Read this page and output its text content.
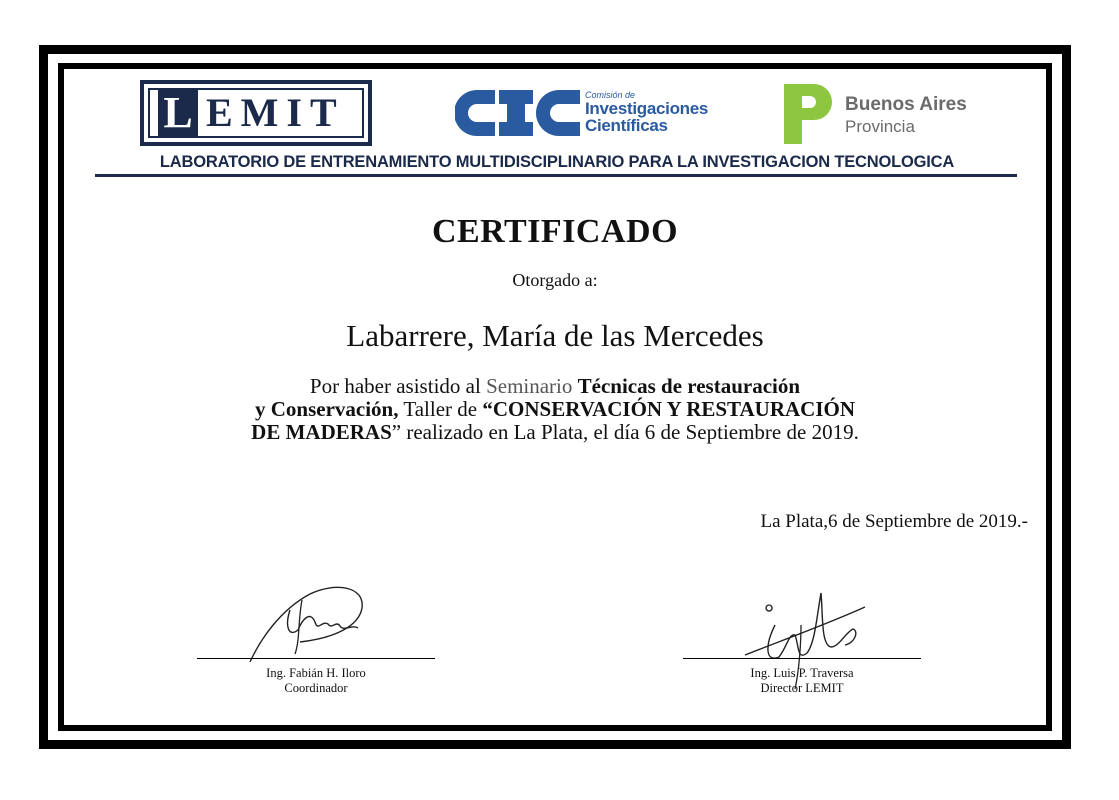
L EMIT	Comisión de
Investigaciones
Científicas
Buenos Aires
Provincia
LABORATORIO DE ENTRENAMIENTO MULTIDISCIPLINARIO PARA LA INVESTIGACION TECNOLOGICA
CERTIFICADO
Otorgado a:
Labarrere, María de las Mercedes
Por haber asistido al Seminario Técnicas de restauración
y Conservación, Taller de “CONSERVACIÓN Y RESTAURACIÓN
DE MADERAS” realizado en La Plata, el día 6 de Septiembre de 2019.
La Plata,6 de Septiembre de 2019.-
Ing. Fabián H. Iloro
Coordinador
Ing. Luis P. Traversa
Director LEMIT
